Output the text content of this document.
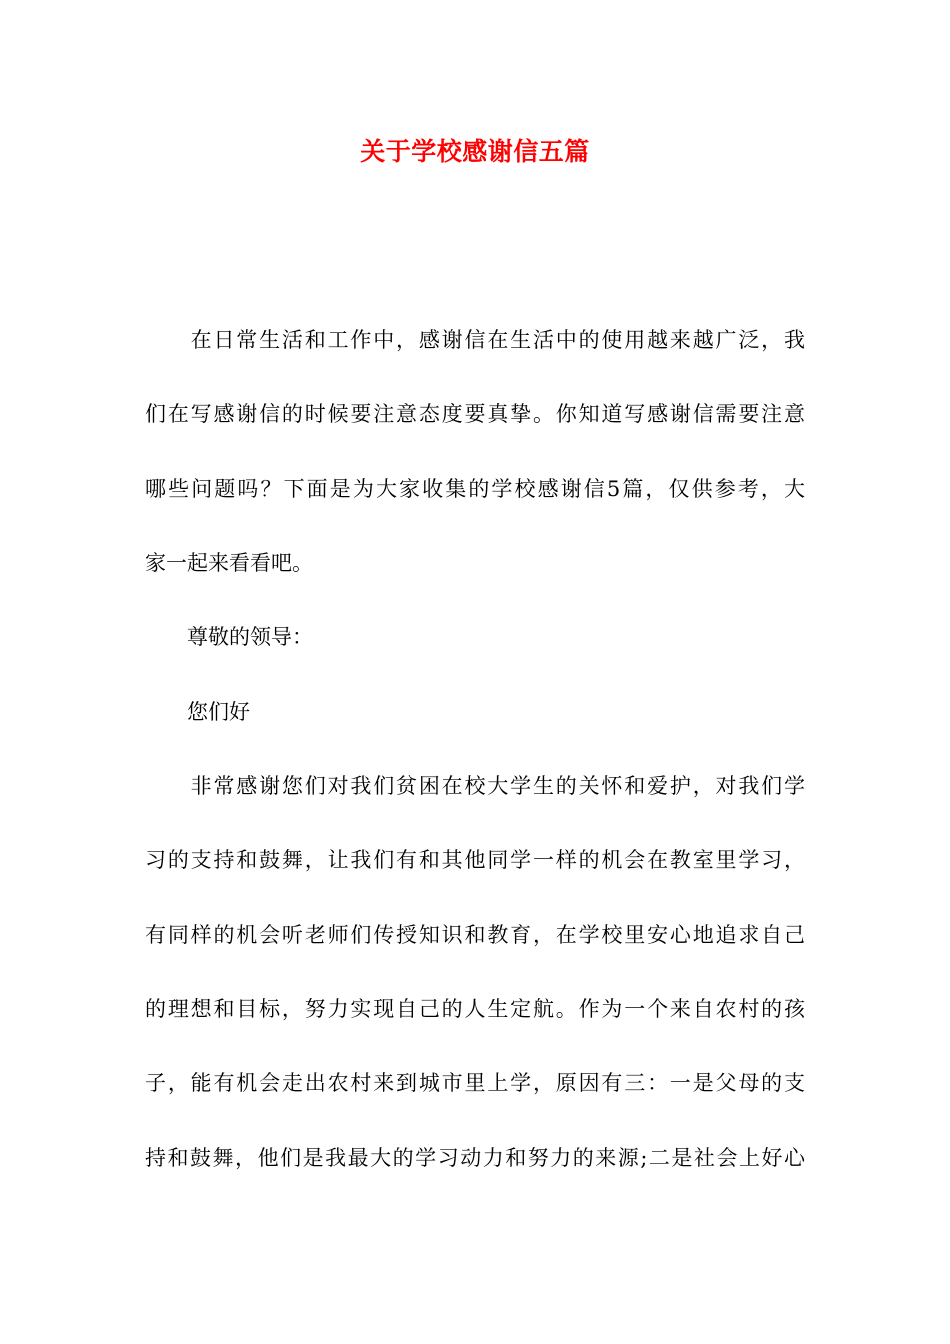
关于学校感谢信五篇
　　在日常生活和工作中，感谢信在生活中的使用越来越广泛，我
们在写感谢信的时候要注意态度要真挚。你知道写感谢信需要注意
哪些问题吗？下面是为大家收集的学校感谢信5篇，仅供参考，大
家一起来看看吧。
　　尊敬的领导：
　　您们好
　　非常感谢您们对我们贫困在校大学生的关怀和爱护，对我们学
习的支持和鼓舞，让我们有和其他同学一样的机会在教室里学习，
有同样的机会听老师们传授知识和教育，在学校里安心地追求自己
的理想和目标，努力实现自己的人生定航。作为一个来自农村的孩
子，能有机会走出农村来到城市里上学，原因有三：一是父母的支
持和鼓舞，他们是我最大的学习动力和努力的来源;二是社会上好心
